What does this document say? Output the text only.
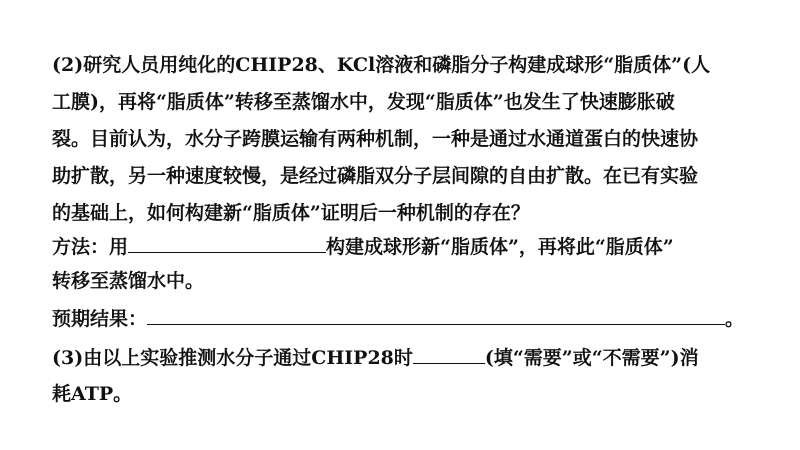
(2)研究人员用纯化的CHIP28、KCl溶液和磷脂分子构建成球形“脂质体”(人
工膜)，再将“脂质体”转移至蒸馏水中，发现“脂质体”也发生了快速膨胀破
裂。目前认为，水分子跨膜运输有两种机制，一种是通过水通道蛋白的快速协
助扩散，另一种速度较慢，是经过磷脂双分子层间隙的自由扩散。在已有实验
的基础上，如何构建新“脂质体”证明后一种机制的存在？
方法：用	构建成球形新“脂质体”，再将此“脂质体”
转移至蒸馏水中。
预期结果：	。
(3)由以上实验推测水分子通过CHIP28时	(填“需要”或“不需要”)消
耗ATP。
